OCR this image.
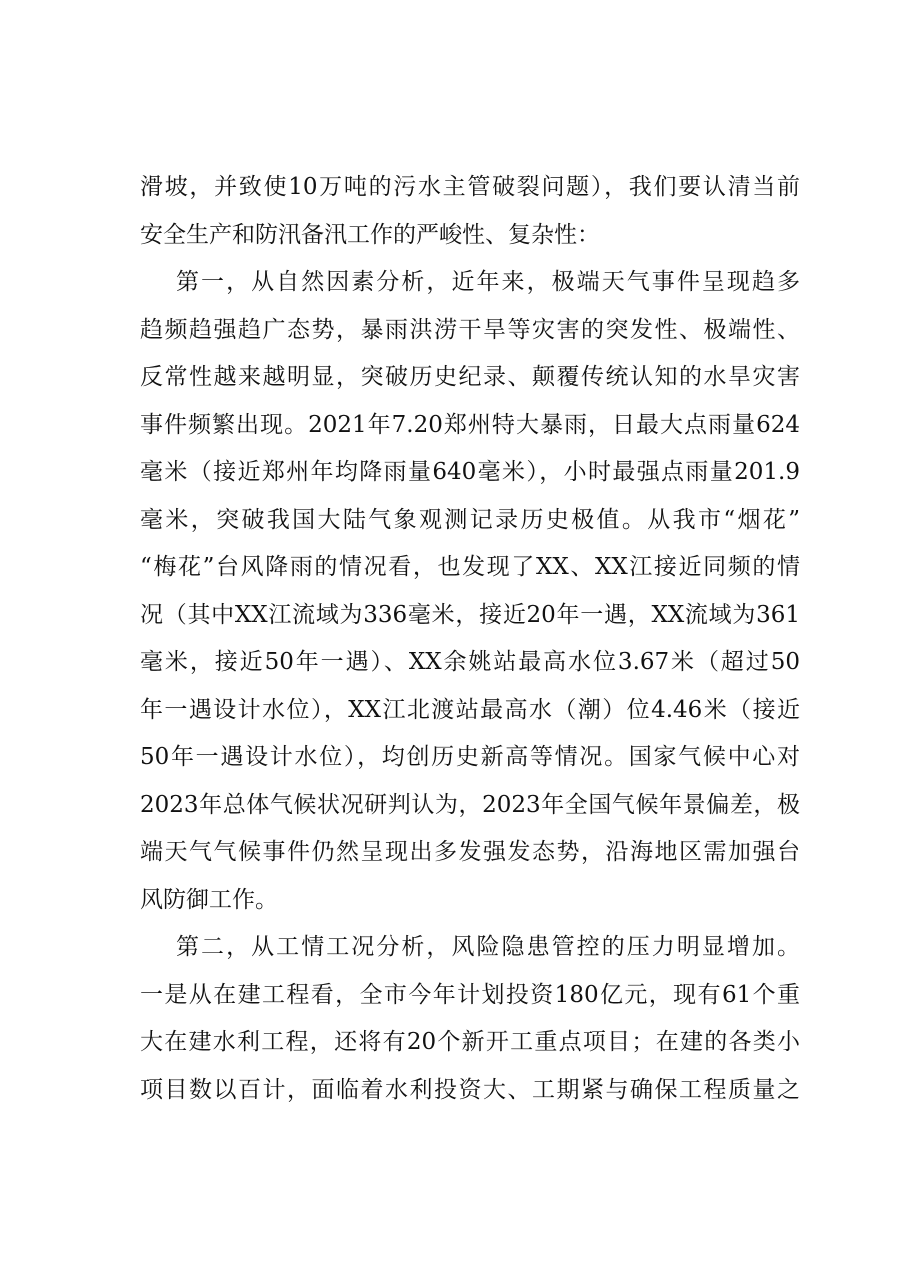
滑坡，并致使10万吨的污水主管破裂问题），我们要认清当前
安全生产和防汛备汛工作的严峻性、复杂性：
第一，从自然因素分析，近年来，极端天气事件呈现趋多
趋频趋强趋广态势，暴雨洪涝干旱等灾害的突发性、极端性、
反常性越来越明显，突破历史纪录、颠覆传统认知的水旱灾害
事件频繁出现。2021年7.20郑州特大暴雨，日最大点雨量624
毫米（接近郑州年均降雨量640毫米），小时最强点雨量201.9
毫米，突破我国大陆气象观测记录历史极值。从我市“烟花”
“梅花”台风降雨的情况看，也发现了XX、XX江接近同频的情
况（其中XX江流域为336毫米，接近20年一遇，XX流域为361
毫米，接近50年一遇）、XX余姚站最高水位3.67米（超过50
年一遇设计水位），XX江北渡站最高水（潮）位4.46米（接近
50年一遇设计水位），均创历史新高等情况。国家气候中心对
2023年总体气候状况研判认为，2023年全国气候年景偏差，极
端天气气候事件仍然呈现出多发强发态势，沿海地区需加强台
风防御工作。
第二，从工情工况分析，风险隐患管控的压力明显增加。
一是从在建工程看，全市今年计划投资180亿元，现有61个重
大在建水利工程，还将有20个新开工重点项目；在建的各类小
项目数以百计，面临着水利投资大、工期紧与确保工程质量之
